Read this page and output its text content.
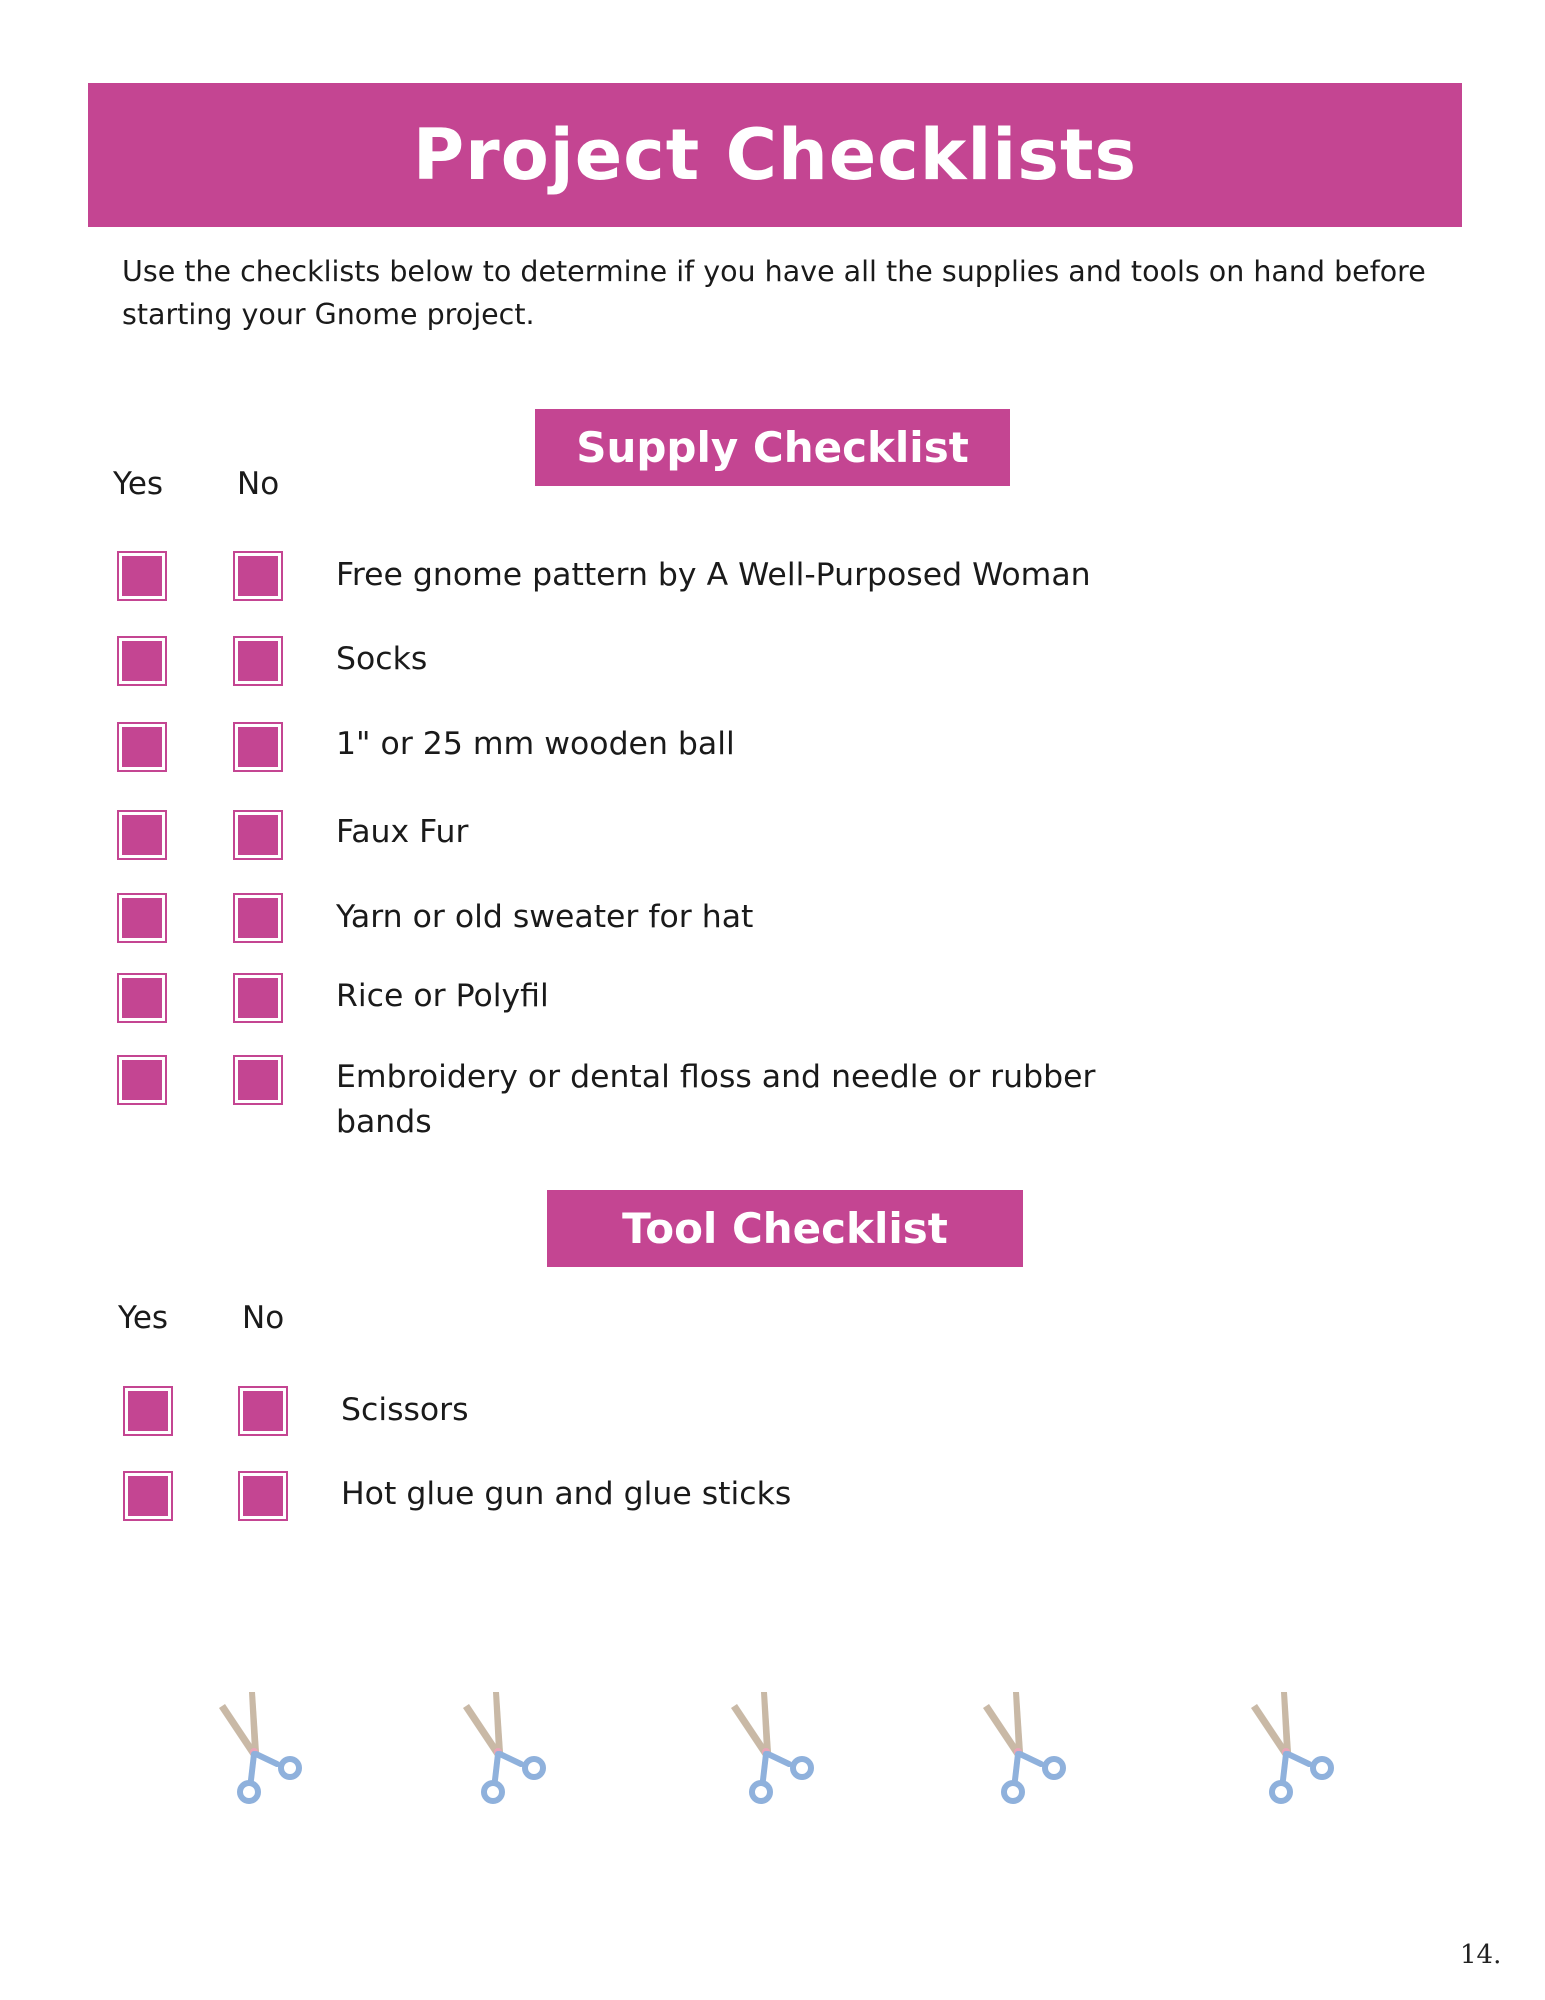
Project Checklists
Use the checklists below to determine if you have all the supplies and tools on hand before starting your Gnome project.
Supply Checklist
Yes No
Free gnome pattern by A Well-Purposed Woman
Socks
1" or 25 mm wooden ball
Faux Fur
Yarn or old sweater for hat
Rice or Polyfil
Embroidery or dental floss and needle or rubber bands
Tool Checklist
Yes No
Scissors
Hot glue gun and glue sticks
14.
